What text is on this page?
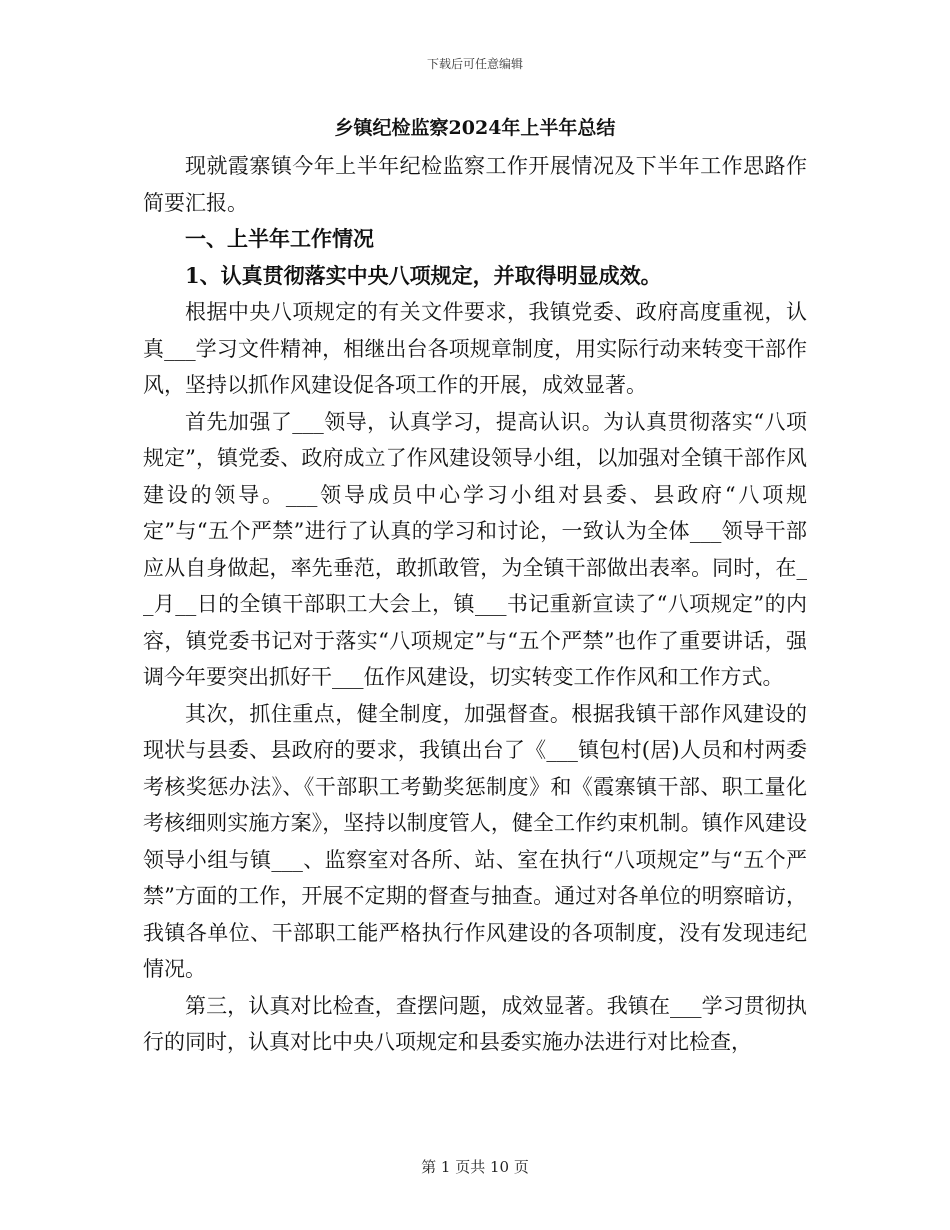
下载后可任意编辑
乡镇纪检监察2024年上半年总结

现就霞寨镇今年上半年纪检监察工作开展情况及下半年工作思路作简要汇报。

一、上半年工作情况

1、认真贯彻落实中央八项规定，并取得明显成效。

根据中央八项规定的有关文件要求，我镇党委、政府高度重视，认真___学习文件精神，相继出台各项规章制度，用实际行动来转变干部作风，坚持以抓作风建设促各项工作的开展，成效显著。

首先加强了___领导，认真学习，提高认识。为认真贯彻落实“八项规定”，镇党委、政府成立了作风建设领导小组，以加强对全镇干部作风建设的领导。___领导成员中心学习小组对县委、县政府“八项规定”与“五个严禁”进行了认真的学习和讨论，一致认为全体___领导干部应从自身做起，率先垂范，敢抓敢管，为全镇干部做出表率。同时，在__月__日的全镇干部职工大会上，镇___书记重新宣读了“八项规定”的内容，镇党委书记对于落实“八项规定”与“五个严禁”也作了重要讲话，强调今年要突出抓好干___伍作风建设，切实转变工作作风和工作方式。

其次，抓住重点，健全制度，加强督查。根据我镇干部作风建设的现状与县委、县政府的要求，我镇出台了《___镇包村(居)人员和村两委考核奖惩办法》、《干部职工考勤奖惩制度》和《霞寨镇干部、职工量化考核细则实施方案》，坚持以制度管人，健全工作约束机制。镇作风建设领导小组与镇___、监察室对各所、站、室在执行“八项规定”与“五个严禁”方面的工作，开展不定期的督查与抽查。通过对各单位的明察暗访，我镇各单位、干部职工能严格执行作风建设的各项制度，没有发现违纪情况。

第三，认真对比检查，查摆问题，成效显著。我镇在___学习贯彻执行的同时，认真对比中央八项规定和县委实施办法进行对比检查，

第 1 页共 10 页
